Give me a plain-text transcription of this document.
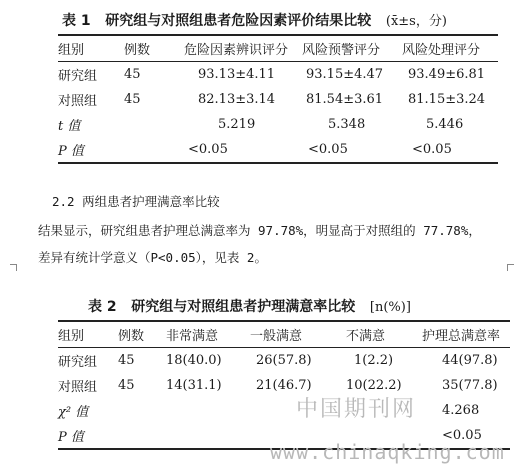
表 1 研究组与对照组患者危险因素评价结果比较 (x̄±s，分)
组别	例数	危险因素辨识评分	风险预警评分	风险处理评分
研究组	45	93.13±4.11	93.15±4.47	93.49±6.81
对照组	45	82.13±3.14	81.54±3.61	81.15±3.24
t 值		5.219	5.348	5.446
P 值		<0.05	<0.05	<0.05
2.2 两组患者护理满意率比较
结果显示，研究组患者护理总满意率为 97.78%，明显高于对照组的 77.78%，
差异有统计学意义（P<0.05），见表 2。
表 2 研究组与对照组患者护理满意率比较 [n(%)]
组别	例数	非常满意	一般满意	不满意	护理总满意率
研究组	45	18(40.0)	26(57.8)	1(2.2)	44(97.8)
对照组	45	14(31.1)	21(46.7)	10(22.2)	35(77.8)
χ² 值					4.268
P 值					<0.05
中国期刊网
www.chinaqking.com
